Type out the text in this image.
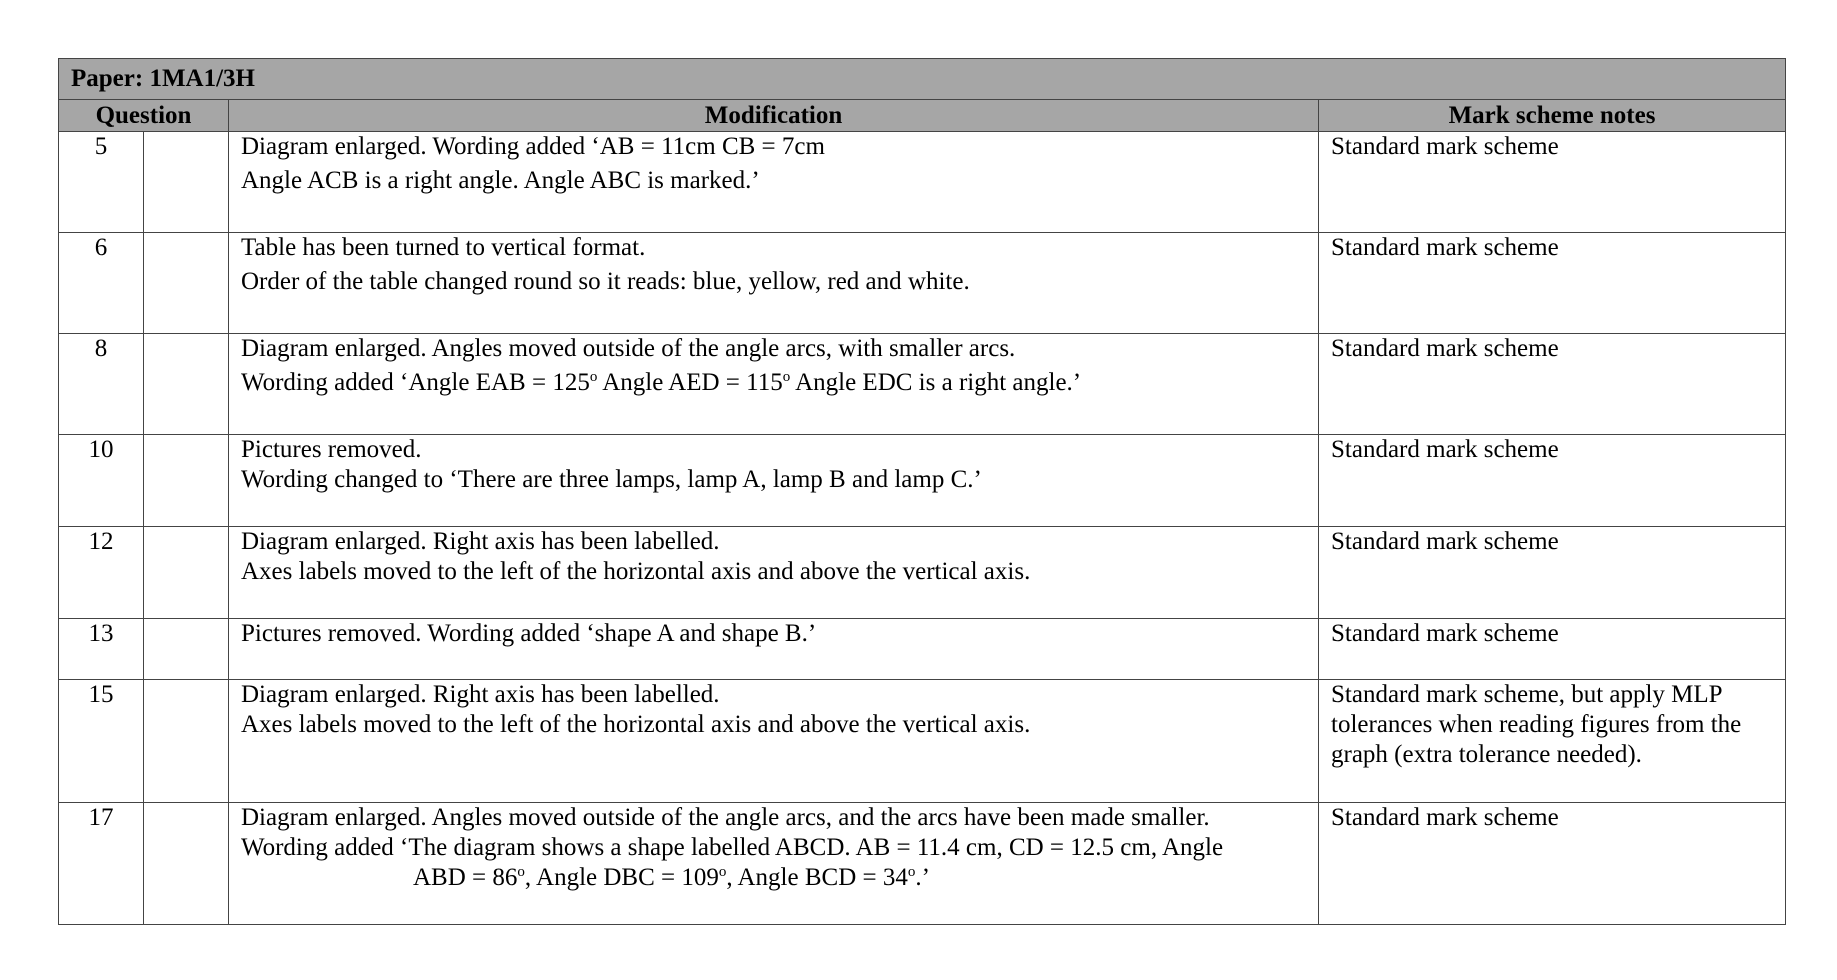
Paper: 1MA1/3H			
Question		Modification	Mark scheme notes
5		Diagram enlarged. Wording added ‘AB = 11cm CB = 7cm
Angle ACB is a right angle. Angle ABC is marked.’	Standard mark scheme
6		Table has been turned to vertical format.
Order of the table changed round so it reads: blue, yellow, red and white.	Standard mark scheme
8		Diagram enlarged. Angles moved outside of the angle arcs, with smaller arcs.
Wording added ‘Angle EAB = $125^o$ Angle AED = $115^o$ Angle EDC is a right angle.’	Standard mark scheme
10		Pictures removed.
Wording changed to ‘There are three lamps, lamp A, lamp B and lamp C.’	Standard mark scheme
12		Diagram enlarged. Right axis has been labelled.
Axes labels moved to the left of the horizontal axis and above the vertical axis.	Standard mark scheme
13		Pictures removed. Wording added ‘shape A and shape B.’	Standard mark scheme
15		Diagram enlarged. Right axis has been labelled.
Axes labels moved to the left of the horizontal axis and above the vertical axis.	Standard mark scheme, but apply MLP
tolerances when reading figures from the
graph (extra tolerance needed).

17		Diagram enlarged. Angles moved outside of the angle arcs, and the arcs have been made smaller.
Wording added ‘The diagram shows a shape labelled ABCD. AB = 11.4 cm, CD = 12.5 cm, Angle
ABD = $86^o$, Angle DBC = $109^o$, Angle BCD = $34^o$.’	Standard mark scheme
